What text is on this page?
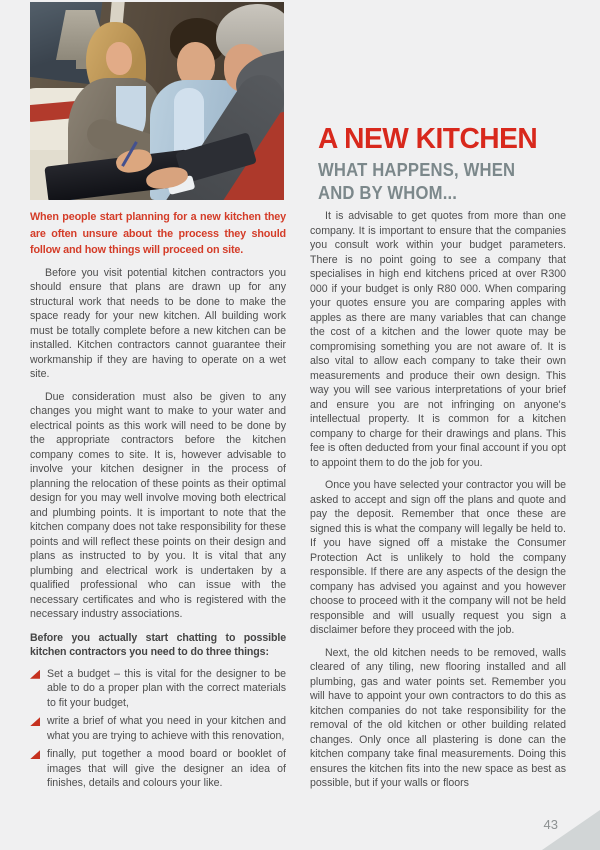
A NEW KITCHEN
WHAT HAPPENS, WHEN
AND BY WHOM...

When people start planning for a new kitchen they are often unsure about the process they should follow and how things will proceed on site.

Before you visit potential kitchen contractors you should ensure that plans are drawn up for any structural work that needs to be done to make the space ready for your new kitchen. All building work must be totally complete before a new kitchen can be installed. Kitchen contractors cannot guarantee their workmanship if they are having to operate on a wet site.

Due consideration must also be given to any changes you might want to make to your water and electrical points as this work will need to be done by the appropriate contractors before the kitchen company comes to site. It is, however advisable to involve your kitchen designer in the process of planning the relocation of these points as their optimal design for you may well involve moving both electrical and plumbing points. It is important to note that the kitchen company does not take responsibility for these points and will reflect these points on their design and plans as instructed to by you. It is vital that any plumbing and electrical work is undertaken by a qualified professional who can issue with the necessary certificates and who is registered with the necessary industry associations.

Before you actually start chatting to possible kitchen contractors you need to do three things:

Set a budget – this is vital for the designer to be able to do a proper plan with the correct materials to fit your budget,
write a brief of what you need in your kitchen and what you are trying to achieve with this renovation,
finally, put together a mood board or booklet of images that will give the designer an idea of finishes, details and colours your like.

It is advisable to get quotes from more than one company. It is important to ensure that the companies you consult work within your budget parameters. There is no point going to see a company that specialises in high end kitchens priced at over R300 000 if your budget is only R80 000. When comparing your quotes ensure you are comparing apples with apples as there are many variables that can change the cost of a kitchen and the lower quote may be compromising something you are not aware of. It is also vital to allow each company to take their own measurements and produce their own design. This way you will see various interpretations of your brief and ensure you are not infringing on anyone's intellectual property. It is common for a kitchen company to charge for their drawings and plans. This fee is often deducted from your final account if you opt to appoint them to do the job for you.

Once you have selected your contractor you will be asked to accept and sign off the plans and quote and pay the deposit. Remember that once these are signed this is what the company will legally be held to. If you have signed off a mistake the Consumer Protection Act is unlikely to hold the company responsible. If there are any aspects of the design the company has advised you against and you however choose to proceed with it the company will not be held responsible and will usually request you sign a disclaimer before they proceed with the job.

Next, the old kitchen needs to be removed, walls cleared of any tiling, new flooring installed and all plumbing, gas and water points set. Remember you will have to appoint your own contractors to do this as kitchen companies do not take responsibility for the removal of the old kitchen or other building related changes. Only once all plastering is done can the kitchen company take final measurements. Doing this ensures the kitchen fits into the new space as best as possible, but if your walls or floors

43
